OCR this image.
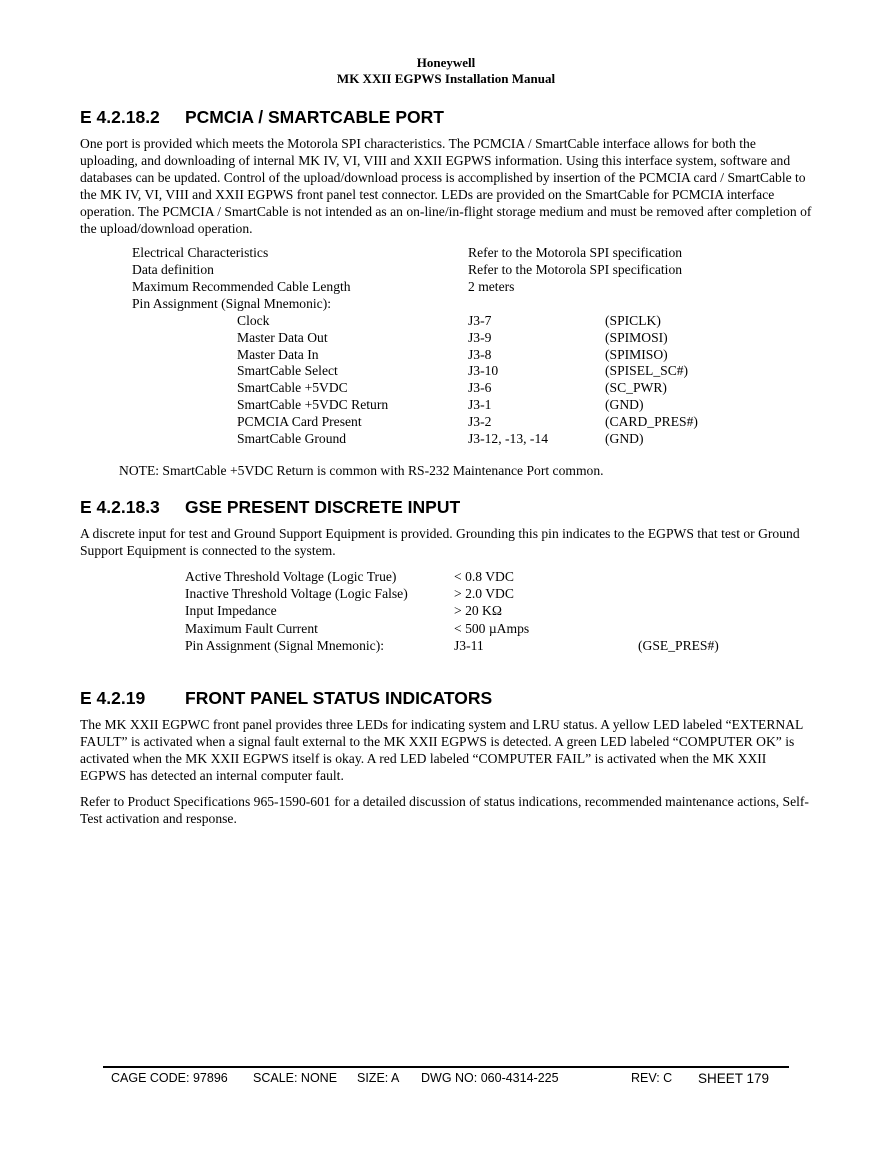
Honeywell
MK XXII EGPWS Installation Manual
E 4.2.18.2 PCMCIA / SMARTCABLE PORT

One port is provided which meets the Motorola SPI characteristics. The PCMCIA / SmartCable interface allows for both the uploading, and downloading of internal MK IV, VI, VIII and XXII EGPWS information. Using this interface system, software and databases can be updated. Control of the upload/download process is accomplished by insertion of the PCMCIA card / SmartCable to the MK IV, VI, VIII and XXII EGPWS front panel test connector. LEDs are provided on the SmartCable for PCMCIA interface operation. The PCMCIA / SmartCable is not intended as an on-line/in-flight storage medium and must be removed after completion of the upload/download operation.

Electrical Characteristics	Refer to the Motorola SPI specification
Data definition	Refer to the Motorola SPI specification
Maximum Recommended Cable Length	2 meters
Pin Assignment (Signal Mnemonic):
Clock	J3-7	(SPICLK)
Master Data Out	J3-9	(SPIMOSI)
Master Data In	J3-8	(SPIMISO)
SmartCable Select	J3-10	(SPISEL_SC#)
SmartCable +5VDC	J3-6	(SC_PWR)
SmartCable +5VDC Return	J3-1	(GND)
PCMCIA Card Present	J3-2	(CARD_PRES#)
SmartCable Ground	J3-12, -13, -14	(GND)
NOTE: SmartCable +5VDC Return is common with RS-232 Maintenance Port common.
E 4.2.18.3 GSE PRESENT DISCRETE INPUT

A discrete input for test and Ground Support Equipment is provided. Grounding this pin indicates to the EGPWS that test or Ground Support Equipment is connected to the system.

Active Threshold Voltage (Logic True)	< 0.8 VDC
Inactive Threshold Voltage (Logic False)	> 2.0 VDC
Input Impedance	> 20 KΩ
Maximum Fault Current	< 500 µAmps
Pin Assignment (Signal Mnemonic):	J3-11	(GSE_PRES#)
E 4.2.19 FRONT PANEL STATUS INDICATORS

The MK XXII EGPWC front panel provides three LEDs for indicating system and LRU status. A yellow LED labeled “EXTERNAL FAULT” is activated when a signal fault external to the MK XXII EGPWS is detected. A green LED labeled “COMPUTER OK” is activated when the MK XXII EGPWS itself is okay. A red LED labeled “COMPUTER FAIL” is activated when the MK XXII EGPWS has detected an internal computer fault.

Refer to Product Specifications 965-1590-601 for a detailed discussion of status indications, recommended maintenance actions, Self-Test activation and response.

CAGE CODE: 97896 SCALE: NONE SIZE: A DWG NO: 060-4314-225	REV: C SHEET 179
